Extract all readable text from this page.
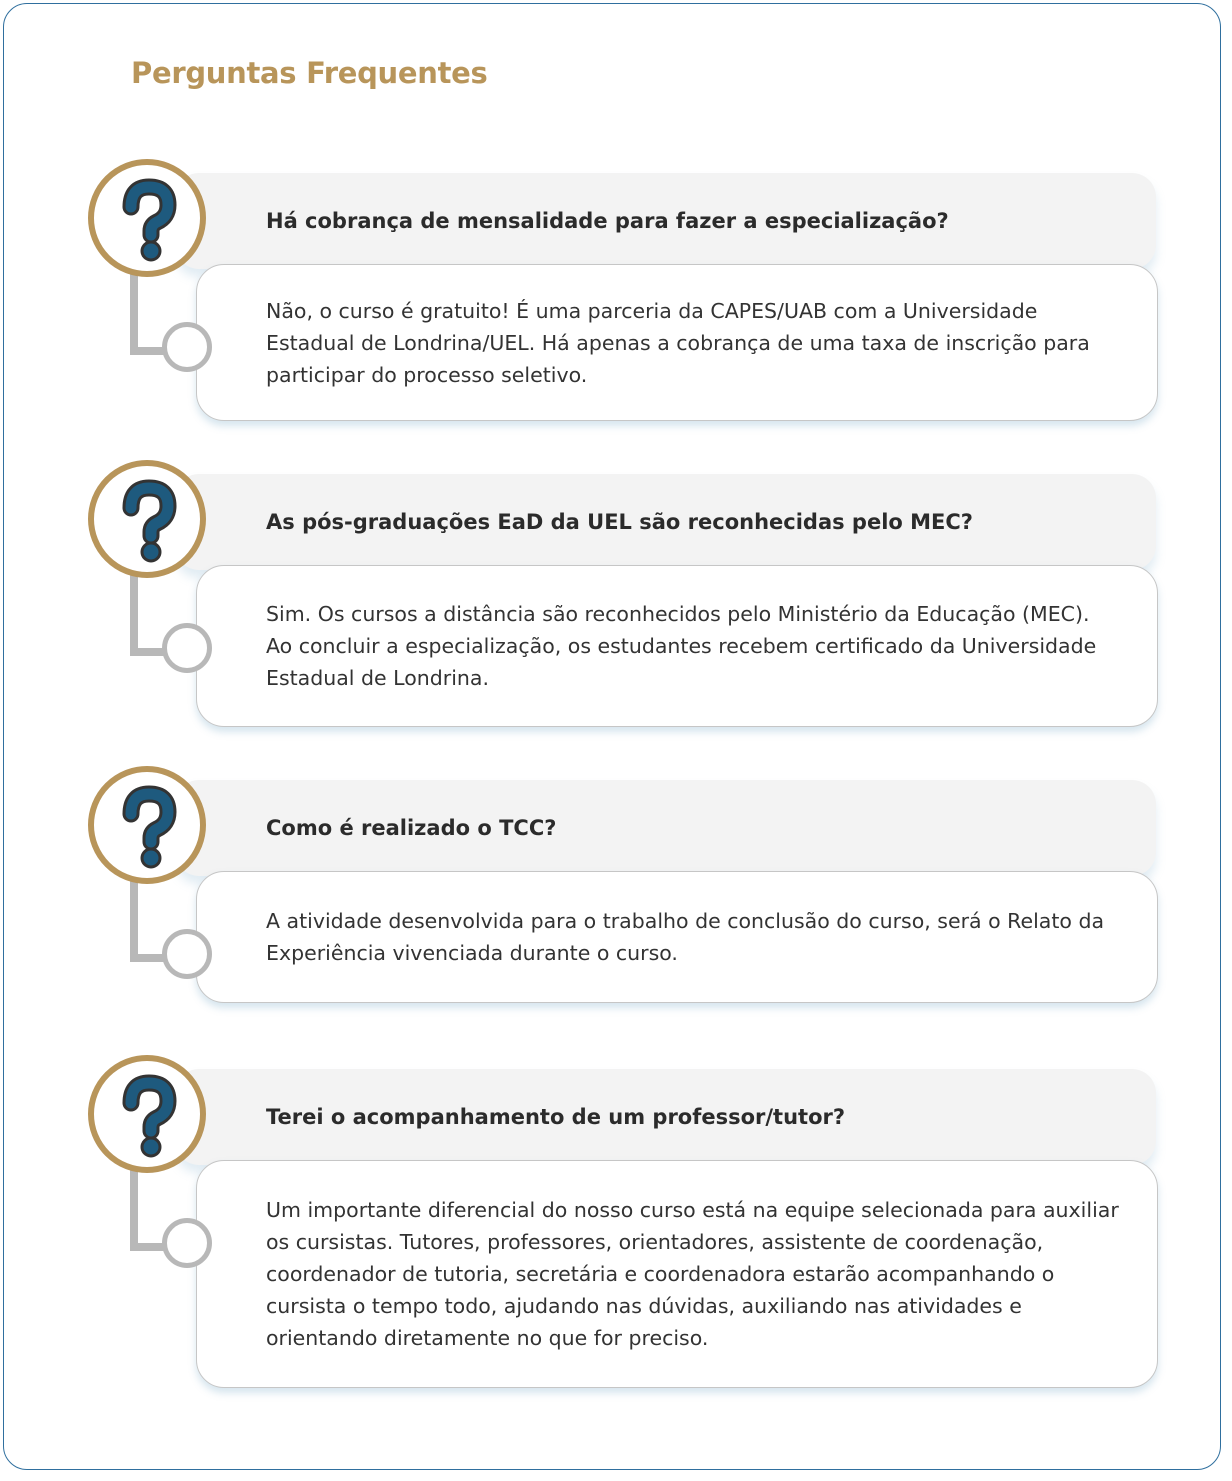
Perguntas Frequentes
Há cobrança de mensalidade para fazer a especialização?

Não, o curso é gratuito! É uma parceria da CAPES/UAB com a Universidade Estadual de Londrina/UEL. Há apenas a cobrança de uma taxa de inscrição para participar do processo seletivo.

As pós-graduações EaD da UEL são reconhecidas pelo MEC?

Sim. Os cursos a distância são reconhecidos pelo Ministério da Educação (MEC). Ao concluir a especialização, os estudantes recebem certificado da Universidade Estadual de Londrina.

Como é realizado o TCC?

A atividade desenvolvida para o trabalho de conclusão do curso, será o Relato da Experiência vivenciada durante o curso.

Terei o acompanhamento de um professor/tutor?

Um importante diferencial do nosso curso está na equipe selecionada para auxiliar os cursistas. Tutores, professores, orientadores, assistente de coordenação, coordenador de tutoria, secretária e coordenadora estarão acompanhando o cursista o tempo todo, ajudando nas dúvidas, auxiliando nas atividades e orientando diretamente no que for preciso.
